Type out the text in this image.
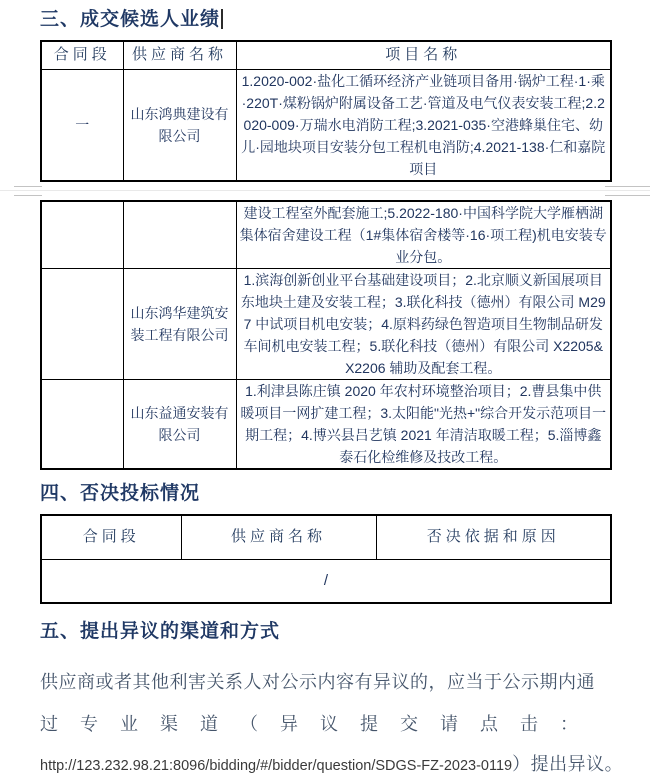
三、成交候选人业绩
合同段	供应商名称	项目名称
一	山东鸿典建设有限公司	1.2020-002·盐化工循环经济产业链项目备用·锅炉工程·1·乘·220T·煤粉锅炉附属设备工艺·管道及电气仪表安装工程;2.2020-009·万瑞水电消防工程;3.2021-035·空港蜂巢住宅、幼儿·园地块项目安装分包工程机电消防;4.2021-138·仁和嘉院项目
		建设工程室外配套施工;5.2022-180·中国科学院大学雁栖湖集体宿舍建设工程（1#集体宿舍楼等·16·项工程)机电安装专业分包。
	山东鸿华建筑安装工程有限公司	1.滨海创新创业平台基础建设项目；2.北京顺义新国展项目东地块土建及安装工程；3.联化科技（德州）有限公司 M297 中试项目机电安装；4.原料药绿色智造项目生物制品研发车间机电安装工程；5.联化科技（德州）有限公司 X2205&X2206 辅助及配套工程。
	山东益通安装有限公司	1.利津县陈庄镇 2020 年农村环境整治项目；2.曹县集中供暖项目一网扩建工程；3.太阳能"光热+"综合开发示范项目一期工程；4.博兴县吕艺镇 2021 年清洁取暖工程；5.淄博鑫泰石化检维修及技改工程。
四、否决投标情况
合同段	供应商名称	否决依据和原因
/
五、提出异议的渠道和方式
供应商或者其他利害关系人对公示内容有异议的，应当于公示期内通
过专业渠道（异议提交请点击：
http://123.232.98.21:8096/bidding/#/bidder/question/SDGS-FZ-2023-0119）提出异议。
